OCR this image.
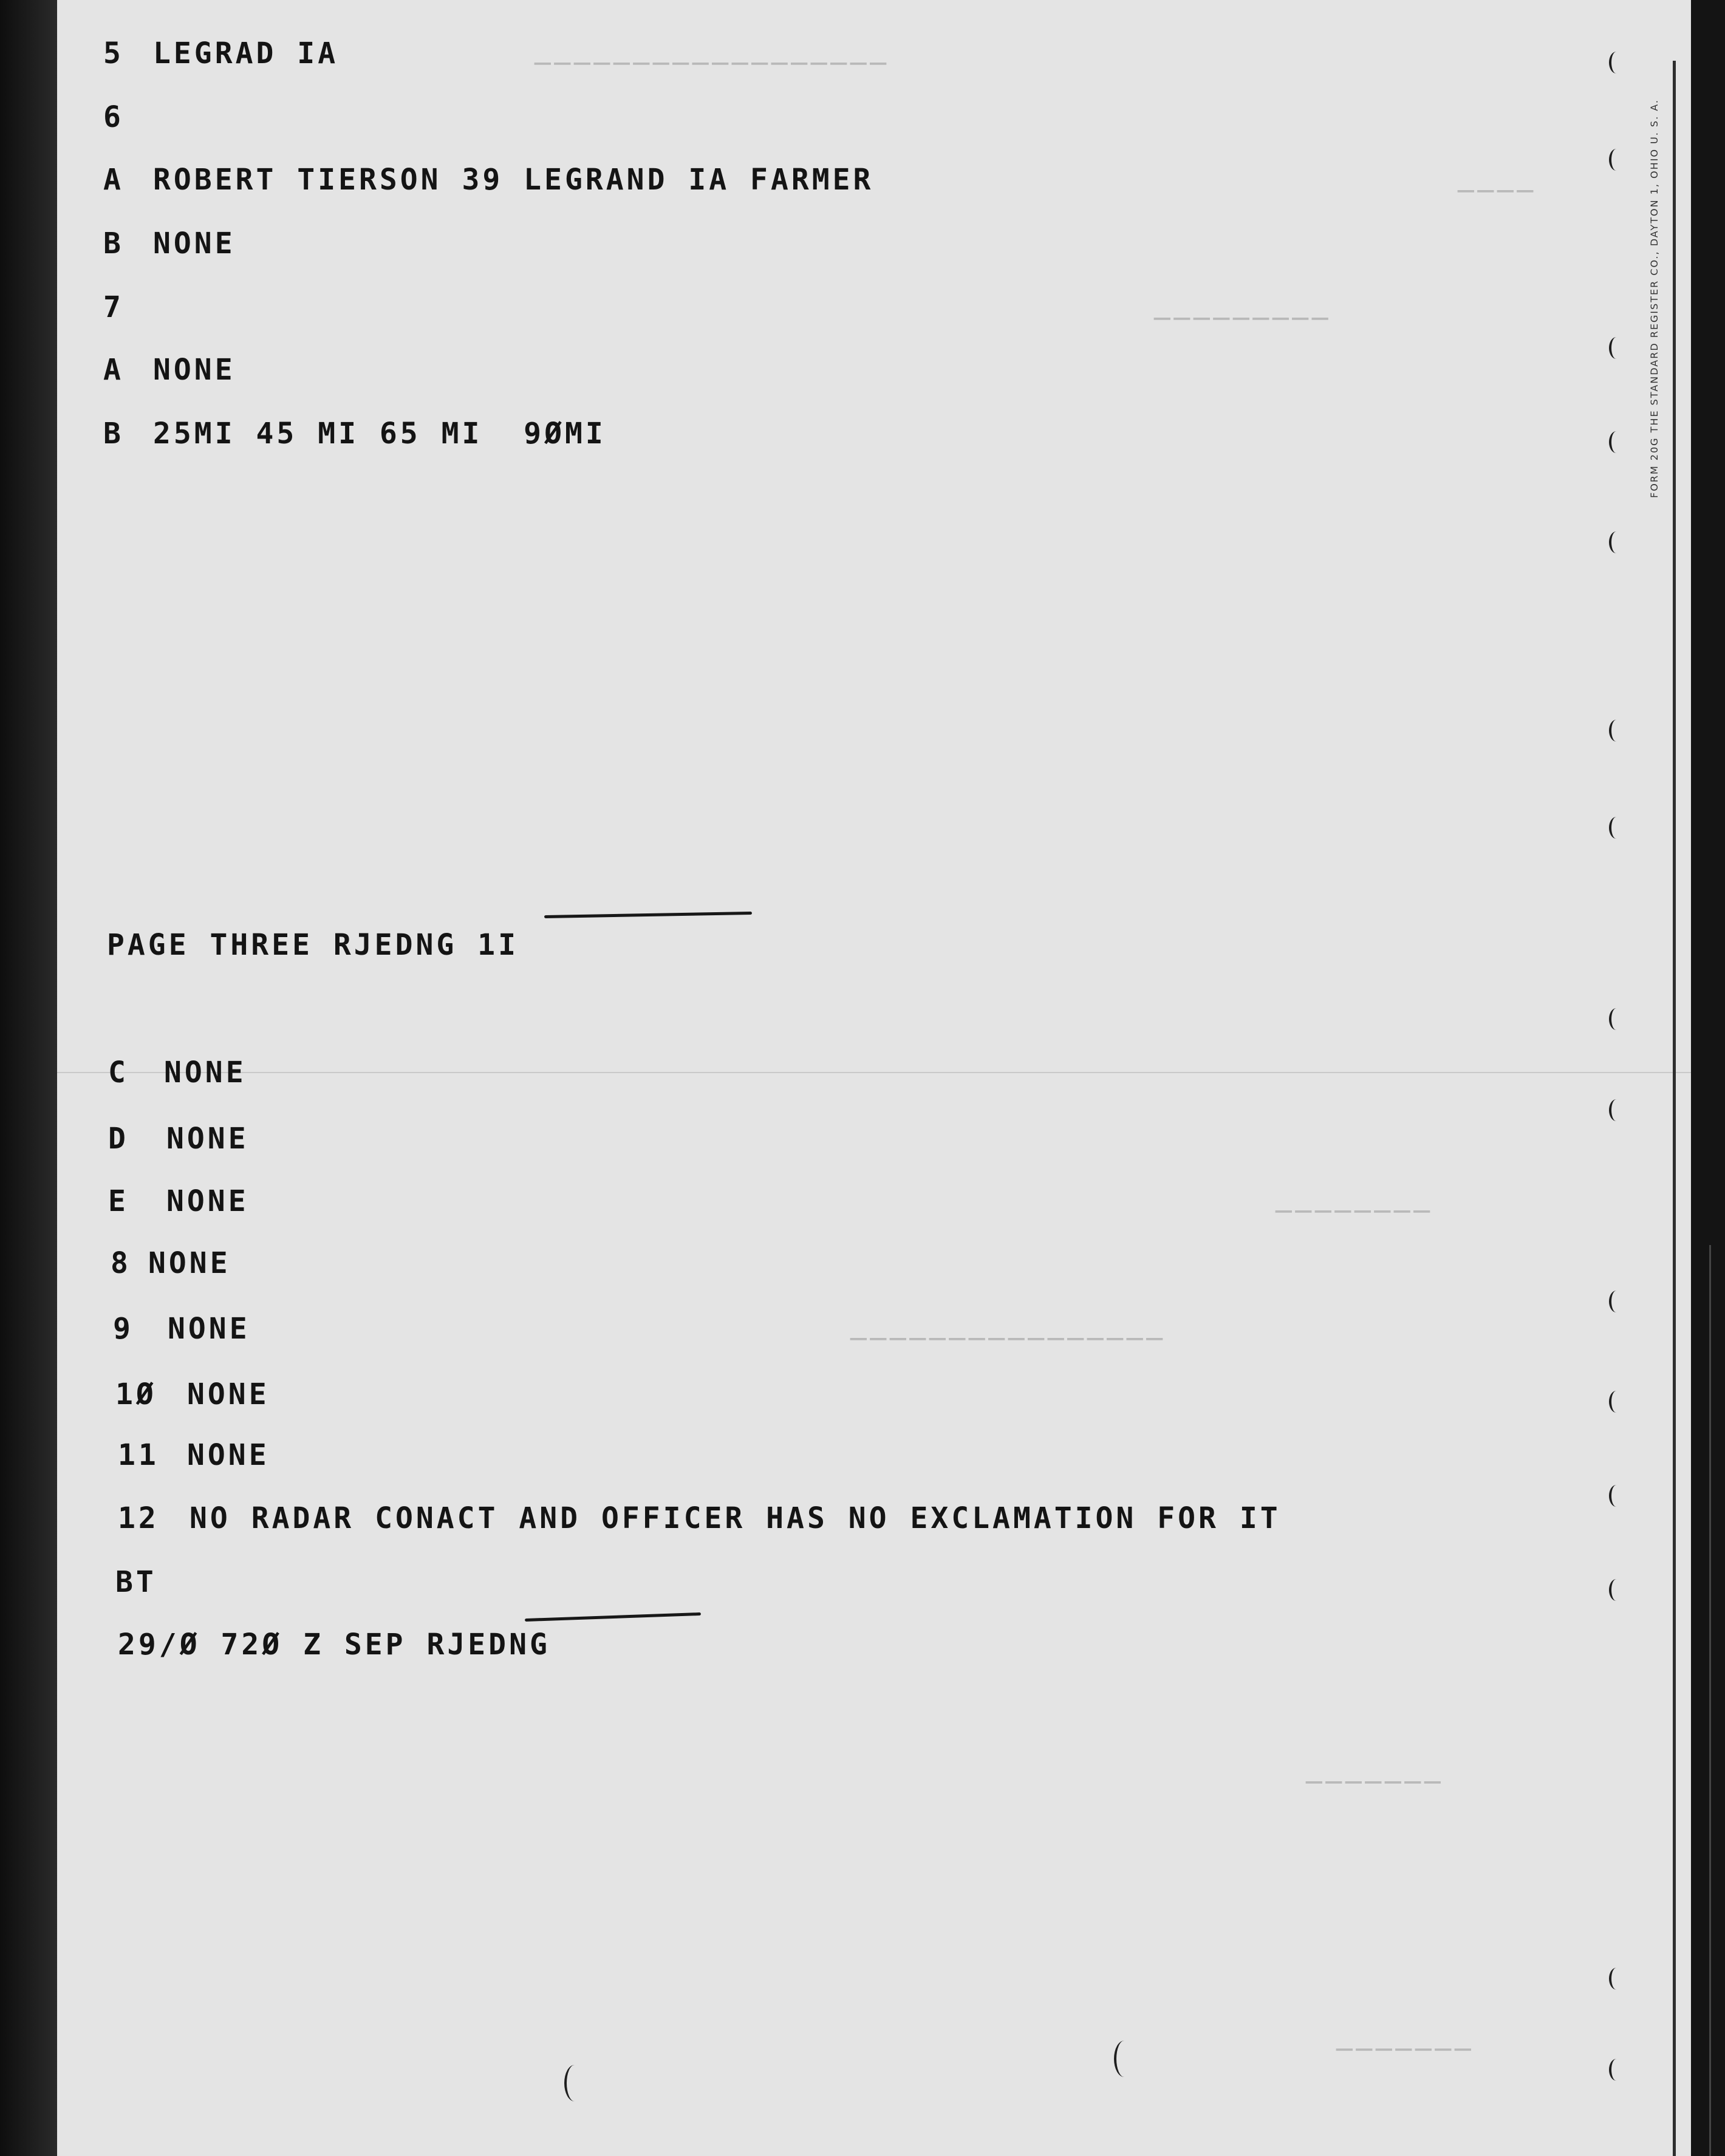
──────────────────
────
─────────
────────
────────────────
───────
───────
FORM 20G THE STANDARD REGISTER CO., DAYTON 1, OHIO U. S. A.

5

LEGRAD IA

6

A

ROBERT TIERSON 39 LEGRAND IA FARMER

B

NONE

7

A

NONE

B

25MI 45 MI 65 MI  9ØMI

PAGE THREE RJEDNG 1I

C

NONE

D

NONE

E

NONE

8

NONE

9

NONE

1Ø

NONE

11

NONE

12

NO RADAR CONACT AND OFFICER HAS NO EXCLAMATION FOR IT

BT
29/Ø 72Ø Z SEP RJEDNG
